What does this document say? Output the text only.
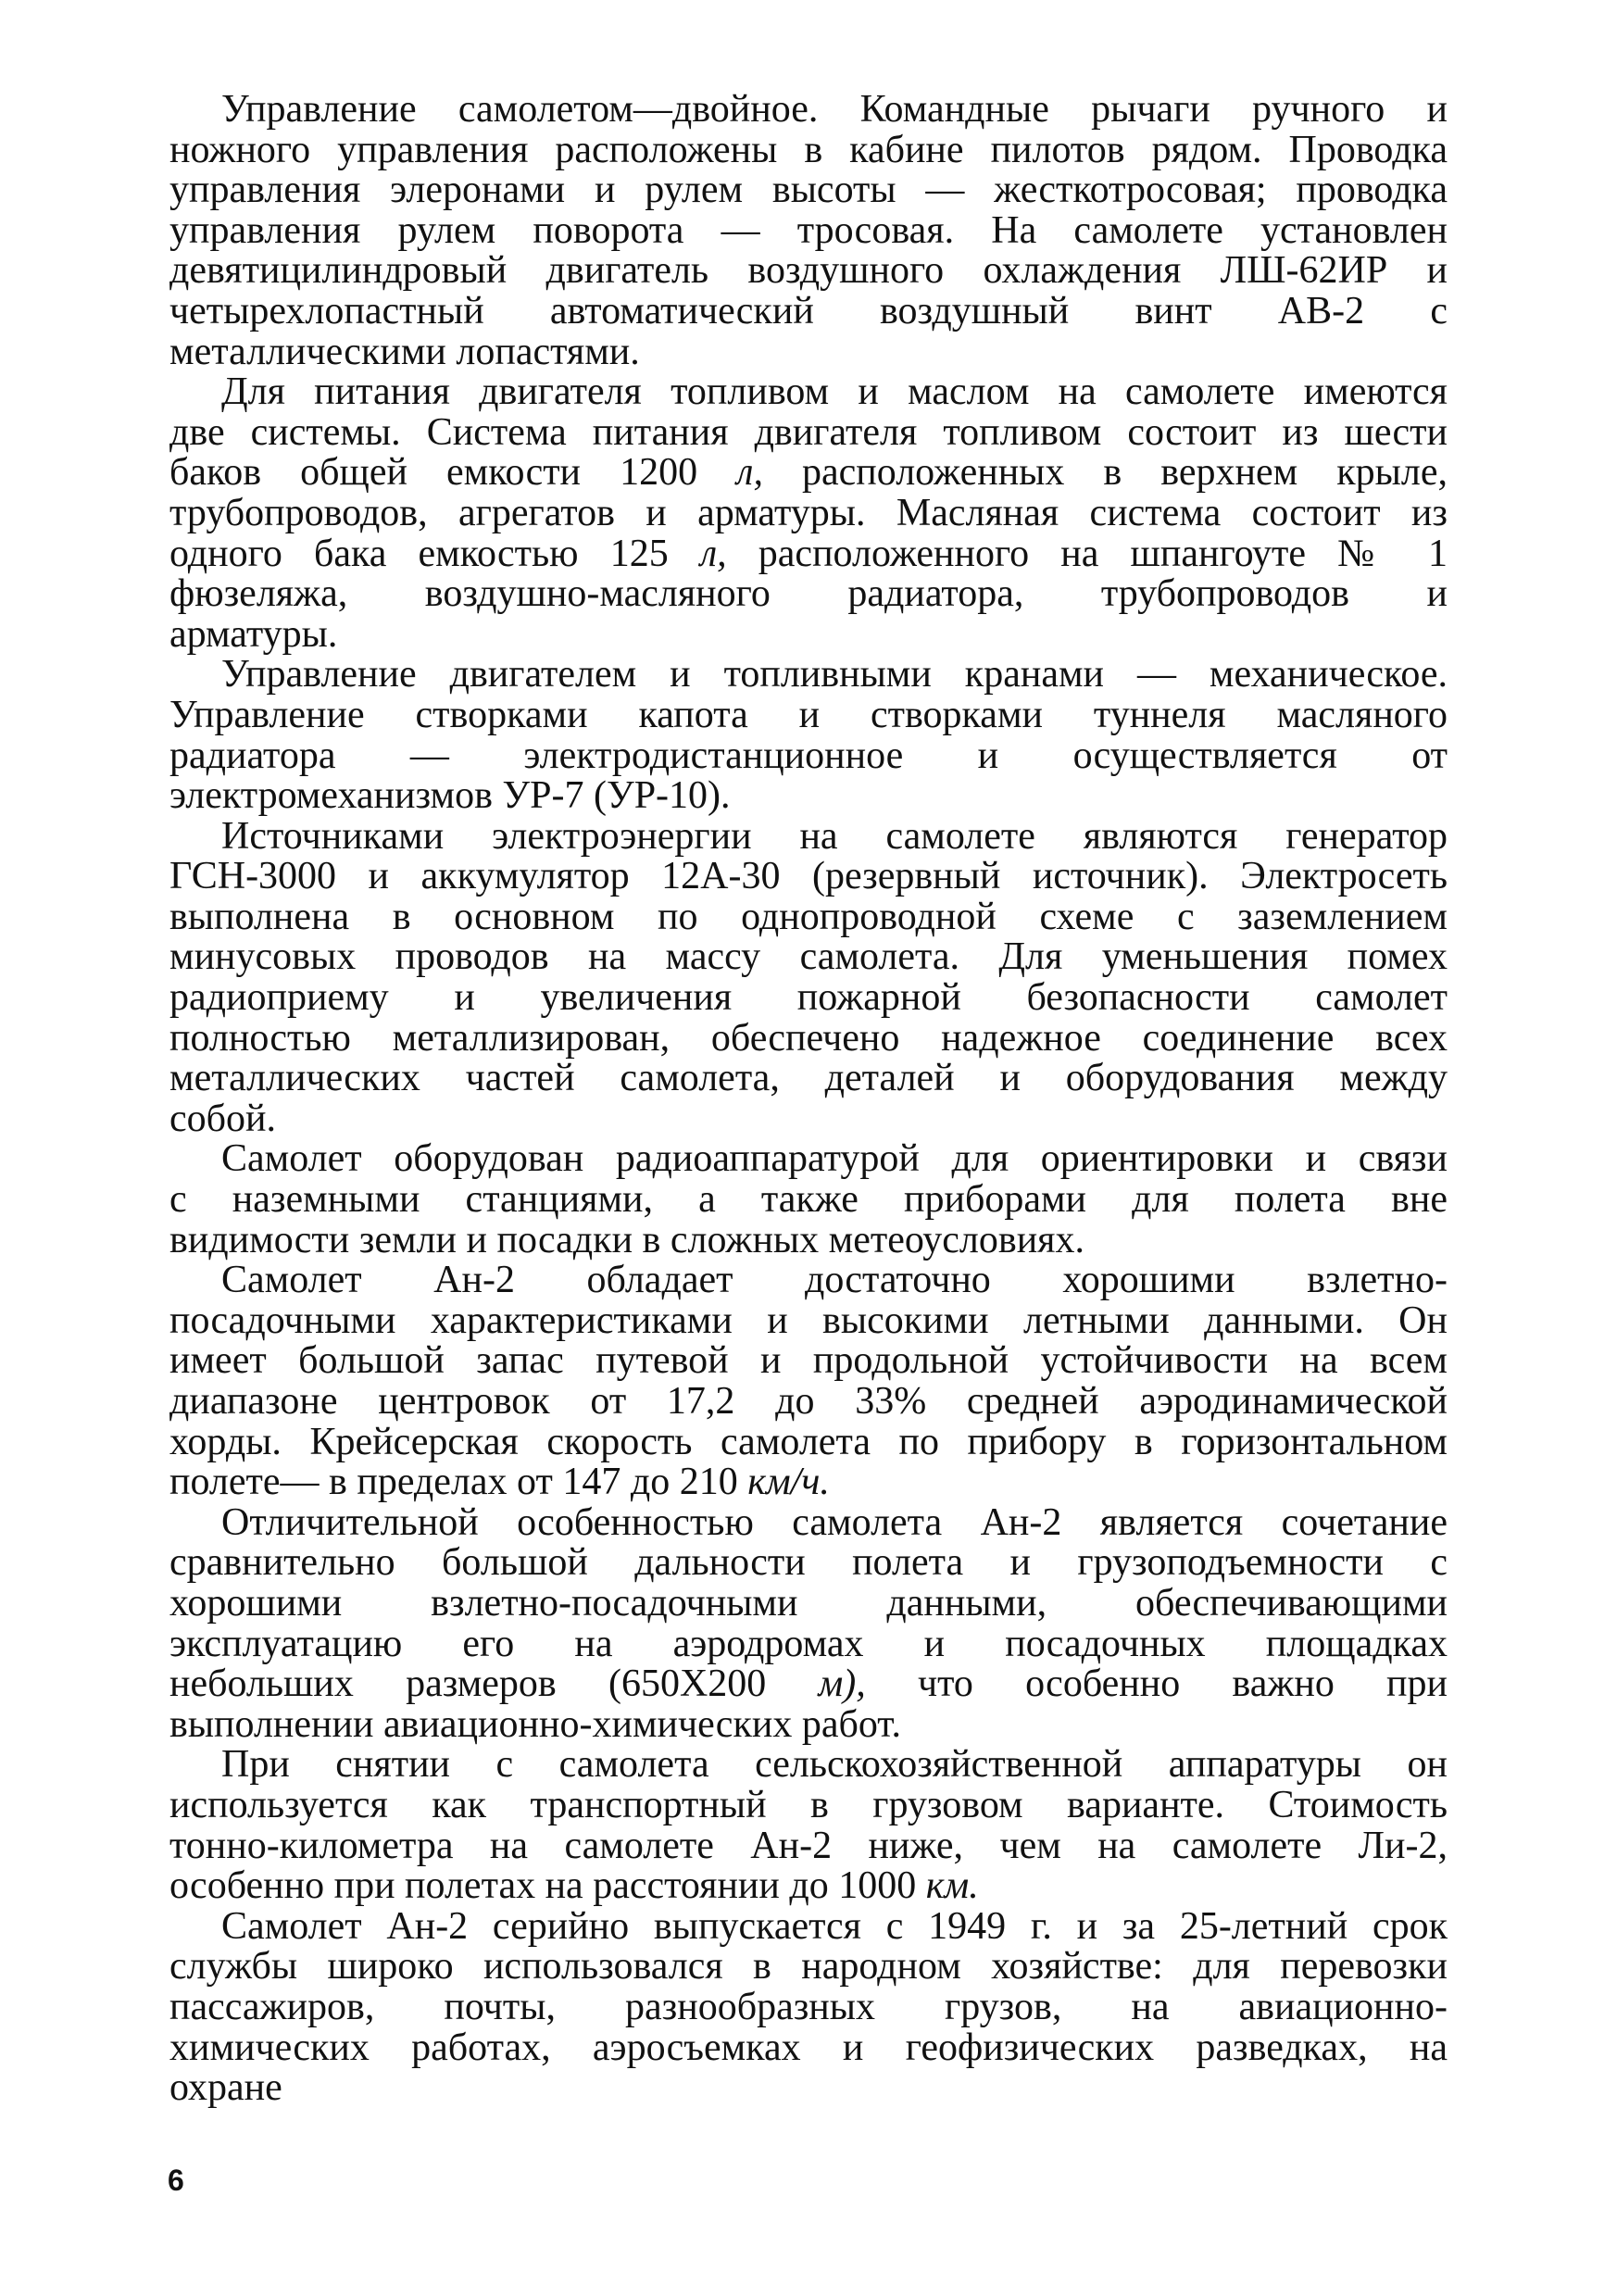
Управление самолетом—двойное. Командные рычаги ручного и
ножного управления расположены в кабине пилотов рядом. Проводка
управления элеронами и рулем высоты — жесткотросовая; проводка
управления рулем поворота — тросовая. На самолете установлен
девятицилиндровый двигатель воздушного охлаждения ЛШ-62ИР и
четырехлопастный автоматический воздушный винт АВ-2 с
металлическими лопастями.
Для питания двигателя топливом и маслом на самолете имеются
две системы. Система питания двигателя топливом состоит из шести
баков общей емкости 1200 л, расположенных в верхнем крыле,
трубопроводов, агрегатов и арматуры. Масляная система состоит из
одного бака емкостью 125 л, расположенного на шпангоуте № 1
фюзеляжа, воздушно-масляного радиатора, трубопроводов и
арматуры.
Управление двигателем и топливными кранами — механическое.
Управление створками капота и створками туннеля масляного
радиатора — электродистанционное и осуществляется от
электромеханизмов УР-7 (УР-10).
Источниками электроэнергии на самолете являются генератор
ГСН-3000 и аккумулятор 12А-30 (резервный источник). Электросеть
выполнена в основном по однопроводной схеме с заземлением
минусовых проводов на массу самолета. Для уменьшения помех
радиоприему и увеличения пожарной безопасности самолет
полностью металлизирован, обеспечено надежное соединение всех
металлических частей самолета, деталей и оборудования между
собой.
Самолет оборудован радиоаппаратурой для ориентировки и связи
с наземными станциями, а также приборами для полета вне
видимости земли и посадки в сложных метеоусловиях.
Самолет Ан-2 обладает достаточно хорошими взлетно-
посадочными характеристиками и высокими летными данными. Он
имеет большой запас путевой и продольной устойчивости на всем
диапазоне центровок от 17,2 до 33% средней аэродинамической
хорды. Крейсерская скорость самолета по прибору в горизонтальном
полете— в пределах от 147 до 210 км/ч.
Отличительной особенностью самолета Ан-2 является сочетание
сравнительно большой дальности полета и грузоподъемности с
хорошими взлетно-посадочными данными, обеспечивающими
эксплуатацию его на аэродромах и посадочных площадках
небольших размеров (650Х200 м), что особенно важно при
выполнении авиационно-химических работ.
При снятии с самолета сельскохозяйственной аппаратуры он
используется как транспортный в грузовом варианте. Стоимость
тонно-километра на самолете Ан-2 ниже, чем на самолете Ли-2,
особенно при полетах на расстоянии до 1000 км.
Самолет Ан-2 серийно выпускается с 1949 г. и за 25-летний срок
службы широко использовался в народном хозяйстве: для перевозки
пассажиров, почты, разнообразных грузов, на авиационно-
химических работах, аэросъемках и геофизических разведках, на
охране
6
